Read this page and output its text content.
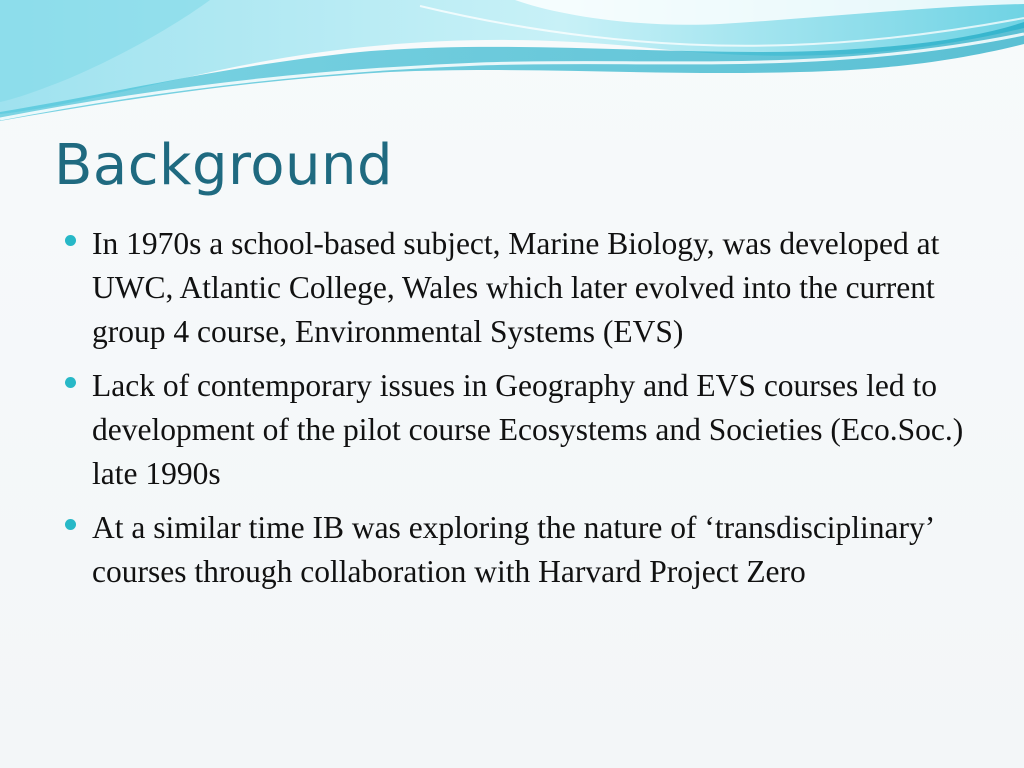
Background
In 1970s a school-based subject, Marine Biology, was developed at UWC, Atlantic College, Wales which later evolved into the current group 4 course, Environmental Systems (EVS)
Lack of contemporary issues in Geography and EVS courses led to development of the pilot course Ecosystems and Societies (Eco.Soc.) late 1990s
At a similar time IB was exploring the nature of ‘transdisciplinary’ courses through collaboration with Harvard Project Zero
